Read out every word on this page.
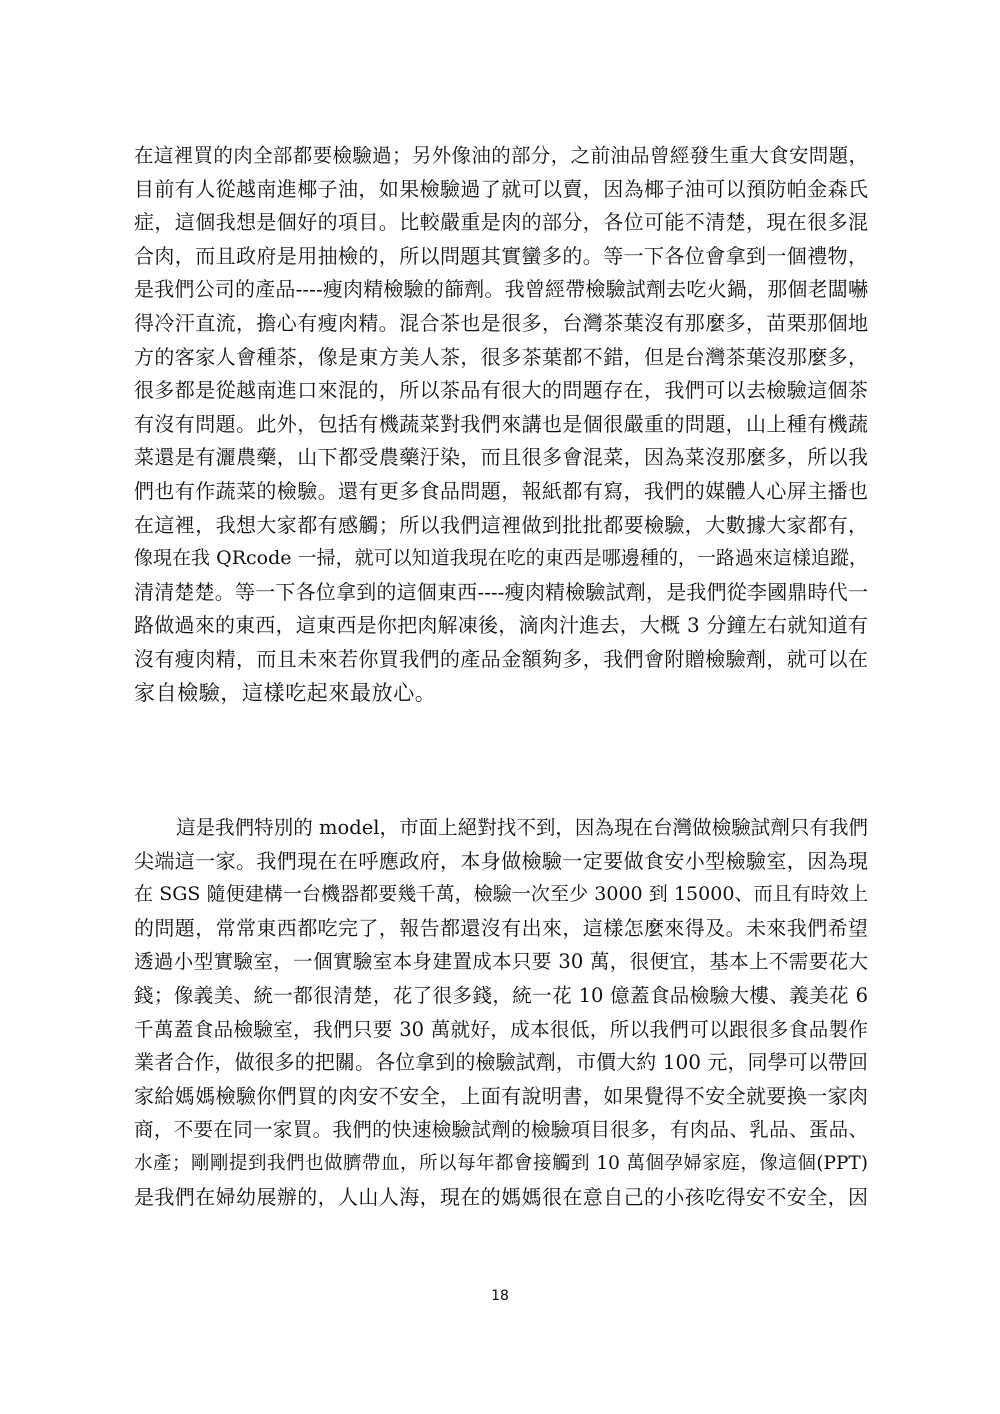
在這裡買的肉全部都要檢驗過；另外像油的部分，之前油品曾經發生重大食安問題，
目前有人從越南進椰子油，如果檢驗過了就可以賣，因為椰子油可以預防帕金森氏
症，這個我想是個好的項目。比較嚴重是肉的部分，各位可能不清楚，現在很多混
合肉，而且政府是用抽檢的，所以問題其實蠻多的。等一下各位會拿到一個禮物，
是我們公司的產品----瘦肉精檢驗的篩劑。我曾經帶檢驗試劑去吃火鍋，那個老闆嚇
得冷汗直流，擔心有瘦肉精。混合茶也是很多，台灣茶葉沒有那麼多，苗栗那個地
方的客家人會種茶，像是東方美人茶，很多茶葉都不錯，但是台灣茶葉沒那麼多，
很多都是從越南進口來混的，所以茶品有很大的問題存在，我們可以去檢驗這個茶
有沒有問題。此外，包括有機蔬菜對我們來講也是個很嚴重的問題，山上種有機蔬
菜還是有灑農藥，山下都受農藥汙染，而且很多會混菜，因為菜沒那麼多，所以我
們也有作蔬菜的檢驗。還有更多食品問題，報紙都有寫，我們的媒體人心屏主播也
在這裡，我想大家都有感觸；所以我們這裡做到批批都要檢驗，大數據大家都有，
像現在我 QRcode 一掃，就可以知道我現在吃的東西是哪邊種的，一路過來這樣追蹤，
清清楚楚。等一下各位拿到的這個東西----瘦肉精檢驗試劑，是我們從李國鼎時代一
路做過來的東西，這東西是你把肉解凍後，滴肉汁進去，大概 3 分鐘左右就知道有
沒有瘦肉精，而且未來若你買我們的產品金額夠多，我們會附贈檢驗劑，就可以在
家自檢驗，這樣吃起來最放心。
這是我們特別的 model，市面上絕對找不到，因為現在台灣做檢驗試劑只有我們
尖端這一家。我們現在在呼應政府，本身做檢驗一定要做食安小型檢驗室，因為現
在 SGS 隨便建構一台機器都要幾千萬，檢驗一次至少 3000 到 15000、而且有時效上
的問題，常常東西都吃完了，報告都還沒有出來，這樣怎麼來得及。未來我們希望
透過小型實驗室，一個實驗室本身建置成本只要 30 萬，很便宜，基本上不需要花大
錢；像義美、統一都很清楚，花了很多錢，統一花 10 億蓋食品檢驗大樓、義美花 6
千萬蓋食品檢驗室，我們只要 30 萬就好，成本很低，所以我們可以跟很多食品製作
業者合作，做很多的把關。各位拿到的檢驗試劑，市價大約 100 元，同學可以帶回
家給媽媽檢驗你們買的肉安不安全，上面有說明書，如果覺得不安全就要換一家肉
商，不要在同一家買。我們的快速檢驗試劑的檢驗項目很多，有肉品、乳品、蛋品、
水產；剛剛提到我們也做臍帶血，所以每年都會接觸到 10 萬個孕婦家庭，像這個(PPT)
是我們在婦幼展辦的，人山人海，現在的媽媽很在意自己的小孩吃得安不安全，因
18
